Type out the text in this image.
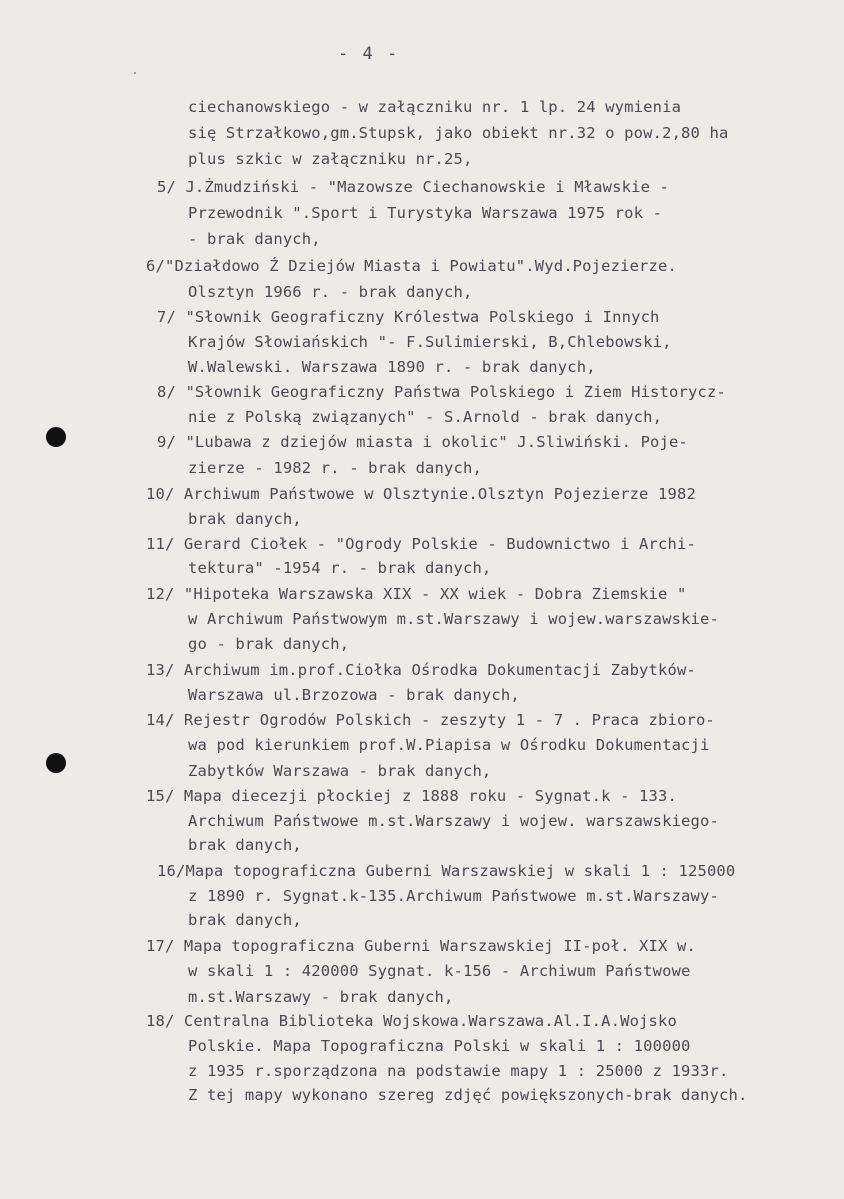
- 4 -
ciechanowskiego - w załączniku nr. 1 lp. 24 wymienia
się Strzałkowo,gm.Stupsk, jako obiekt nr.32 o pow.2,80 ha
plus szkic w załączniku nr.25,
5/ J.Żmudziński - "Mazowsze Ciechanowskie i Mławskie -
Przewodnik ".Sport i Turystyka Warszawa 1975 rok -
- brak danych,
6/"Działdowo Ź Dziejów Miasta i Powiatu".Wyd.Pojezierze.
Olsztyn 1966 r. - brak danych,
7/ "Słownik Geograficzny Królestwa Polskiego i Innych
Krajów Słowiańskich "- F.Sulimierski, B,Chlebowski,
W.Walewski. Warszawa 1890 r. - brak danych,
8/ "Słownik Geograficzny Państwa Polskiego i Ziem Historycz-
nie z Polską związanych" - S.Arnold - brak danych,
9/ "Lubawa z dziejów miasta i okolic" J.Sliwiński. Poje-
zierze - 1982 r. - brak danych,
10/ Archiwum Państwowe w Olsztynie.Olsztyn Pojezierze 1982
brak danych,
11/ Gerard Ciołek - "Ogrody Polskie - Budownictwo i Archi-
tektura" -1954 r. - brak danych,
12/ "Hipoteka Warszawska XIX - XX wiek - Dobra Ziemskie "
w Archiwum Państwowym m.st.Warszawy i wojew.warszawskie-
go - brak danych,
13/ Archiwum im.prof.Ciołka Ośrodka Dokumentacji Zabytków-
Warszawa ul.Brzozowa - brak danych,
14/ Rejestr Ogrodów Polskich - zeszyty 1 - 7 . Praca zbioro-
wa pod kierunkiem prof.W.Piapisa w Ośrodku Dokumentacji
Zabytków Warszawa - brak danych,
15/ Mapa diecezji płockiej z 1888 roku - Sygnat.k - 133.
Archiwum Państwowe m.st.Warszawy i wojew. warszawskiego-
brak danych,
16/Mapa topograficzna Guberni Warszawskiej w skali 1 : 125000
z 1890 r. Sygnat.k-135.Archiwum Państwowe m.st.Warszawy-
brak danych,
17/ Mapa topograficzna Guberni Warszawskiej II-poł. XIX w.
w skali 1 : 420000 Sygnat. k-156 - Archiwum Państwowe
m.st.Warszawy - brak danych,
18/ Centralna Biblioteka Wojskowa.Warszawa.Al.I.A.Wojsko
Polskie. Mapa Topograficzna Polski w skali 1 : 100000
z 1935 r.sporządzona na podstawie mapy 1 : 25000 z 1933r.
Z tej mapy wykonano szereg zdjęć powiększonych-brak danych.
